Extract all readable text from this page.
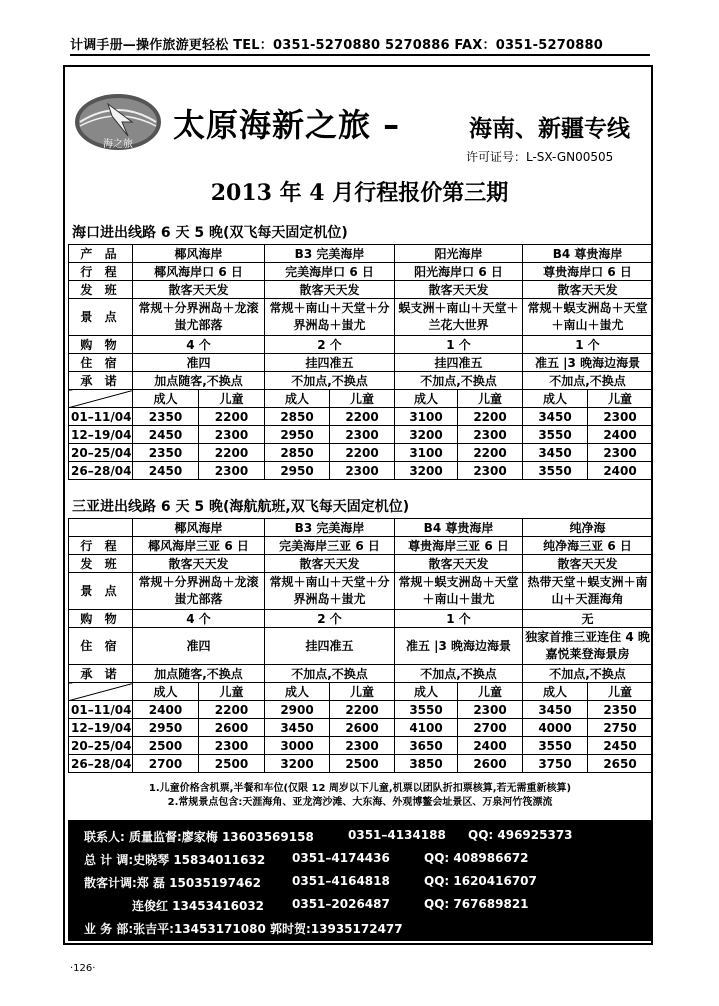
计调手册—操作旅游更轻松 TEL：0351-5270880 5270886 FAX：0351-5270880
海之旅
太原海新之旅 –	海南、新疆专线
许可证号：L-SX-GN00505
2013 年 4 月行程报价第三期
海口进出线路 6 天 5 晚(双飞每天固定机位)
产 品	椰风海岸		B3 完美海岸		阳光海岸		B4 尊贵海岸	
行 程	椰风海岸口 6 日		完美海岸口 6 日		阳光海岸口 6 日		尊贵海岸口 6 日	
发 班	散客天天发		散客天天发		散客天天发		散客天天发	
景 点	常规＋分界洲岛＋龙滚蚩尤部落		常规＋南山＋天堂＋分界洲岛＋蚩尤		蜈支洲＋南山＋天堂＋兰花大世界		常规＋蜈支洲岛＋天堂＋南山＋蚩尤	
购 物	4 个		2 个		1 个		1 个	
住 宿	准四		挂四准五		挂四准五		准五 |3 晚海边海景	
承 诺	加点随客,不换点		不加点,不换点		不加点,不换点		不加点,不换点	
	成人	儿童	成人	儿童	成人	儿童	成人	儿童
01–11/04	2350	2200	2850	2200	3100	2200	3450	2300
12–19/04	2450	2300	2950	2300	3200	2300	3550	2400
20–25/04	2350	2200	2850	2200	3100	2200	3450	2300
26–28/04	2450	2300	2950	2300	3200	2300	3550	2400
三亚进出线路 6 天 5 晚(海航航班,双飞每天固定机位)
	椰风海岸		B3 完美海岸		B4 尊贵海岸		纯净海	
行 程	椰风海岸三亚 6 日		完美海岸三亚 6 日		尊贵海岸三亚 6 日		纯净海三亚 6 日	
发 班	散客天天发		散客天天发		散客天天发		散客天天发	
景 点	常规＋分界洲岛＋龙滚蚩尤部落		常规＋南山＋天堂＋分界洲岛＋蚩尤		常规＋蜈支洲岛＋天堂＋南山＋蚩尤		热带天堂＋蜈支洲＋南山＋天涯海角	
购 物	4 个		2 个		1 个		无	
住 宿	准四		挂四准五		准五 |3 晚海边海景		独家首推三亚连住 4 晚嘉悦莱登海景房	
承 诺	加点随客,不换点		不加点,不换点		不加点,不换点		不加点,不换点	
	成人	儿童	成人	儿童	成人	儿童	成人	儿童
01–11/04	2400	2200	2900	2200	3550	2300	3450	2350
12–19/04	2950	2600	3450	2600	4100	2700	4000	2750
20–25/04	2500	2300	3000	2300	3650	2400	3550	2450
26–28/04	2700	2500	3200	2500	3850	2600	3750	2650
1.儿童价格含机票,半餐和车位(仅限 12 周岁以下儿童,机票以团队折扣票核算,若无需重新核算)
2.常规景点包含:天涯海角、亚龙湾沙滩、大东海、外观博鳌会址景区、万泉河竹筏漂流
联系人: 质量监督:廖家梅 13603569158	0351–4134188 QQ: 496925373
总 计 调:史晓琴 15834011632 0351–4174436	QQ: 408986672
散客计调:郑 磊 15035197462	0351–4164818	QQ: 1620416707
连俊红 13453416032 0351–2026487	QQ: 767689821
业 务 部:张吉平:13453171080 郭时贺:13935172477
·126·
